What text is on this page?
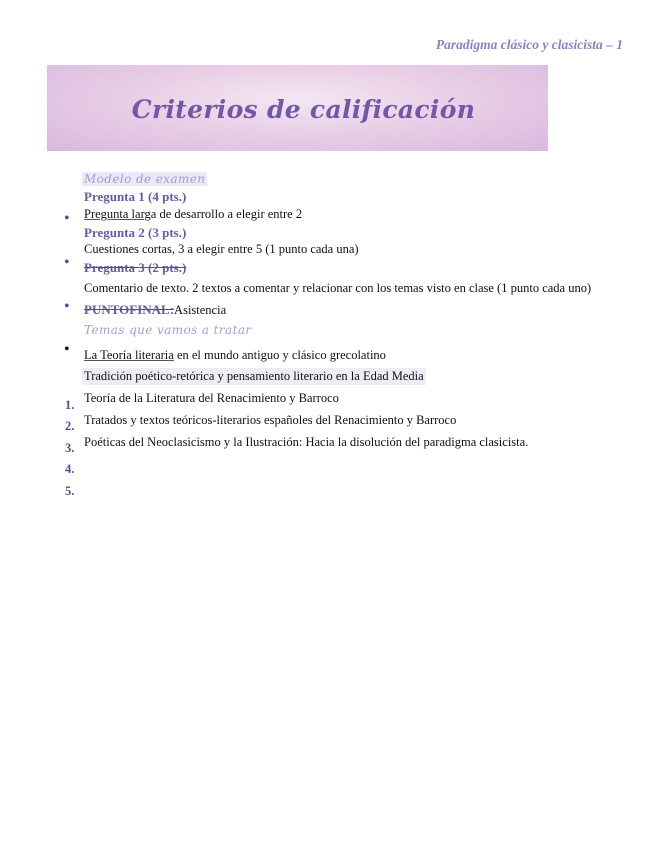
Paradigma clásico y clasicista – 1
Criterios de calificación
Modelo de examen
Pregunta 1 (4 pts.)
• Pregunta larga de desarrollo a elegir entre 2
Pregunta 2 (3 pts.)
•
Cuestiones cortas, 3 a elegir entre 5 (1 punto cada una)
Pregunta 3 (2 pts.)
Comentario de texto. 2 textos a comentar y relacionar con los temas visto en clase (1 punto cada uno)
• PUNTOFINAL:Asistencia
Temas que vamos a tratar
• La Teoría literaria en el mundo antiguo y clásico grecolatino
Tradición poético-retórica y pensamiento literario en la Edad Media
Teoría de la Literatura del Renacimiento y Barroco
Tratados y textos teóricos-literarios españoles del Renacimiento y Barroco
Poéticas del Neoclasicismo y la Ilustración: Hacia la disolución del paradigma clasicista.
1.
2.
3.
4.
5.
